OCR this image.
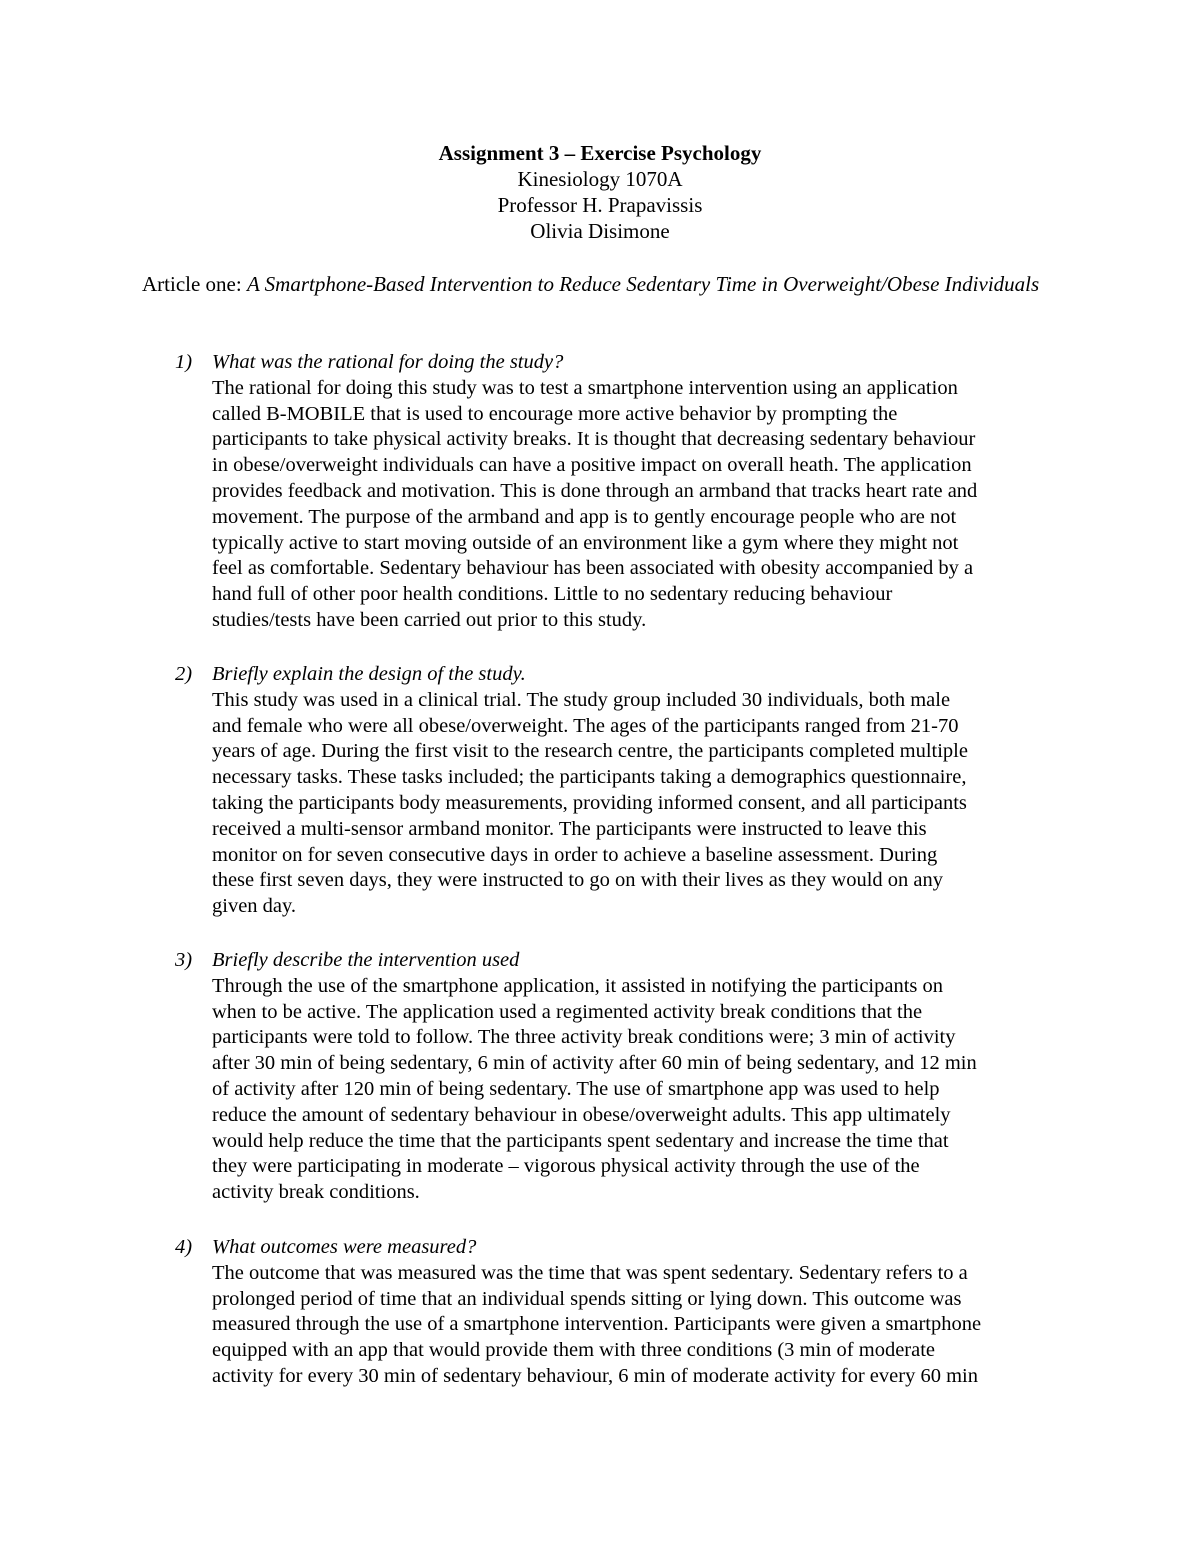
Assignment 3 – Exercise Psychology
Kinesiology 1070A
Professor H. Prapavissis
Olivia Disimone
Article one: A Smartphone-Based Intervention to Reduce Sedentary Time in Overweight/Obese Individuals
1) What was the rational for doing the study?
The rational for doing this study was to test a smartphone intervention using an application
called B-MOBILE that is used to encourage more active behavior by prompting the
participants to take physical activity breaks. It is thought that decreasing sedentary behaviour
in obese/overweight individuals can have a positive impact on overall heath. The application
provides feedback and motivation. This is done through an armband that tracks heart rate and
movement. The purpose of the armband and app is to gently encourage people who are not
typically active to start moving outside of an environment like a gym where they might not
feel as comfortable. Sedentary behaviour has been associated with obesity accompanied by a
hand full of other poor health conditions. Little to no sedentary reducing behaviour
studies/tests have been carried out prior to this study.
2) Briefly explain the design of the study.
This study was used in a clinical trial. The study group included 30 individuals, both male
and female who were all obese/overweight. The ages of the participants ranged from 21-70
years of age. During the first visit to the research centre, the participants completed multiple
necessary tasks. These tasks included; the participants taking a demographics questionnaire,
taking the participants body measurements, providing informed consent, and all participants
received a multi-sensor armband monitor. The participants were instructed to leave this
monitor on for seven consecutive days in order to achieve a baseline assessment. During
these first seven days, they were instructed to go on with their lives as they would on any
given day.
3) Briefly describe the intervention used
Through the use of the smartphone application, it assisted in notifying the participants on
when to be active. The application used a regimented activity break conditions that the
participants were told to follow. The three activity break conditions were; 3 min of activity
after 30 min of being sedentary, 6 min of activity after 60 min of being sedentary, and 12 min
of activity after 120 min of being sedentary. The use of smartphone app was used to help
reduce the amount of sedentary behaviour in obese/overweight adults. This app ultimately
would help reduce the time that the participants spent sedentary and increase the time that
they were participating in moderate – vigorous physical activity through the use of the
activity break conditions.
4) What outcomes were measured?
The outcome that was measured was the time that was spent sedentary. Sedentary refers to a
prolonged period of time that an individual spends sitting or lying down. This outcome was
measured through the use of a smartphone intervention. Participants were given a smartphone
equipped with an app that would provide them with three conditions (3 min of moderate
activity for every 30 min of sedentary behaviour, 6 min of moderate activity for every 60 min
